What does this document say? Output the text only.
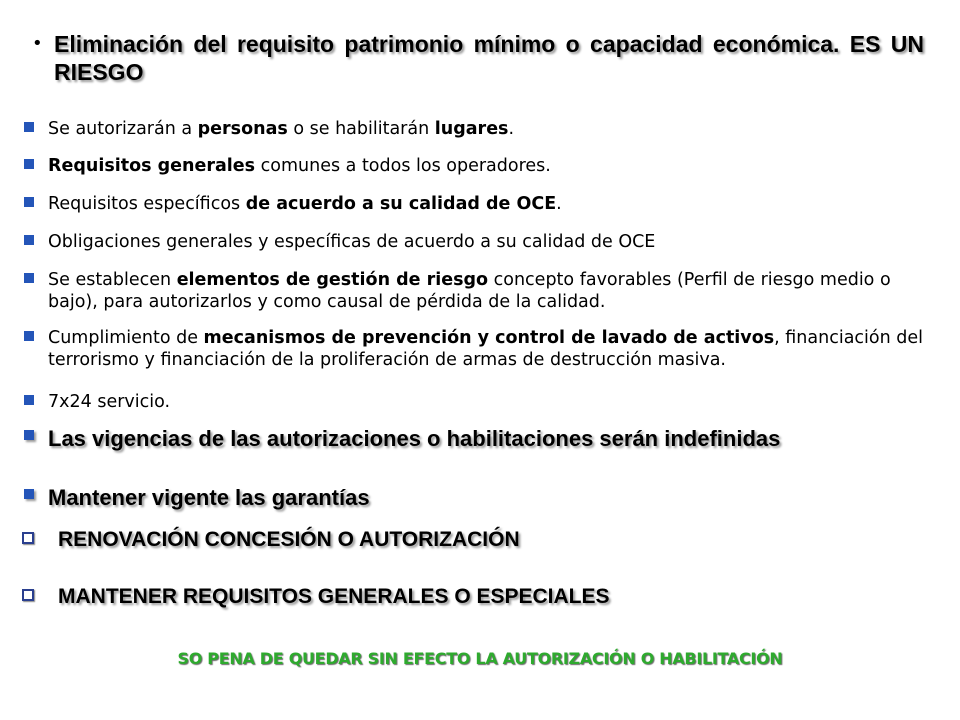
• Eliminación del requisito patrimonio mínimo o capacidad económica. ES UN RIESGO
Se autorizarán a personas o se habilitarán lugares.
Requisitos generales comunes a todos los operadores.
Requisitos específicos de acuerdo a su calidad de OCE.
Obligaciones generales y específicas de acuerdo a su calidad de OCE
Se establecen elementos de gestión de riesgo concepto favorables (Perfil de riesgo medio o bajo), para autorizarlos y como causal de pérdida de la calidad.
Cumplimiento de mecanismos de prevención y control de lavado de activos, financiación del terrorismo y financiación de la proliferación de armas de destrucción masiva.
7x24 servicio.
Las vigencias de las autorizaciones o habilitaciones serán indefinidas
Mantener vigente las garantías
RENOVACIÓN CONCESIÓN O AUTORIZACIÓN
MANTENER REQUISITOS GENERALES O ESPECIALES
SO PENA DE QUEDAR SIN EFECTO LA AUTORIZACIÓN O HABILITACIÓN
